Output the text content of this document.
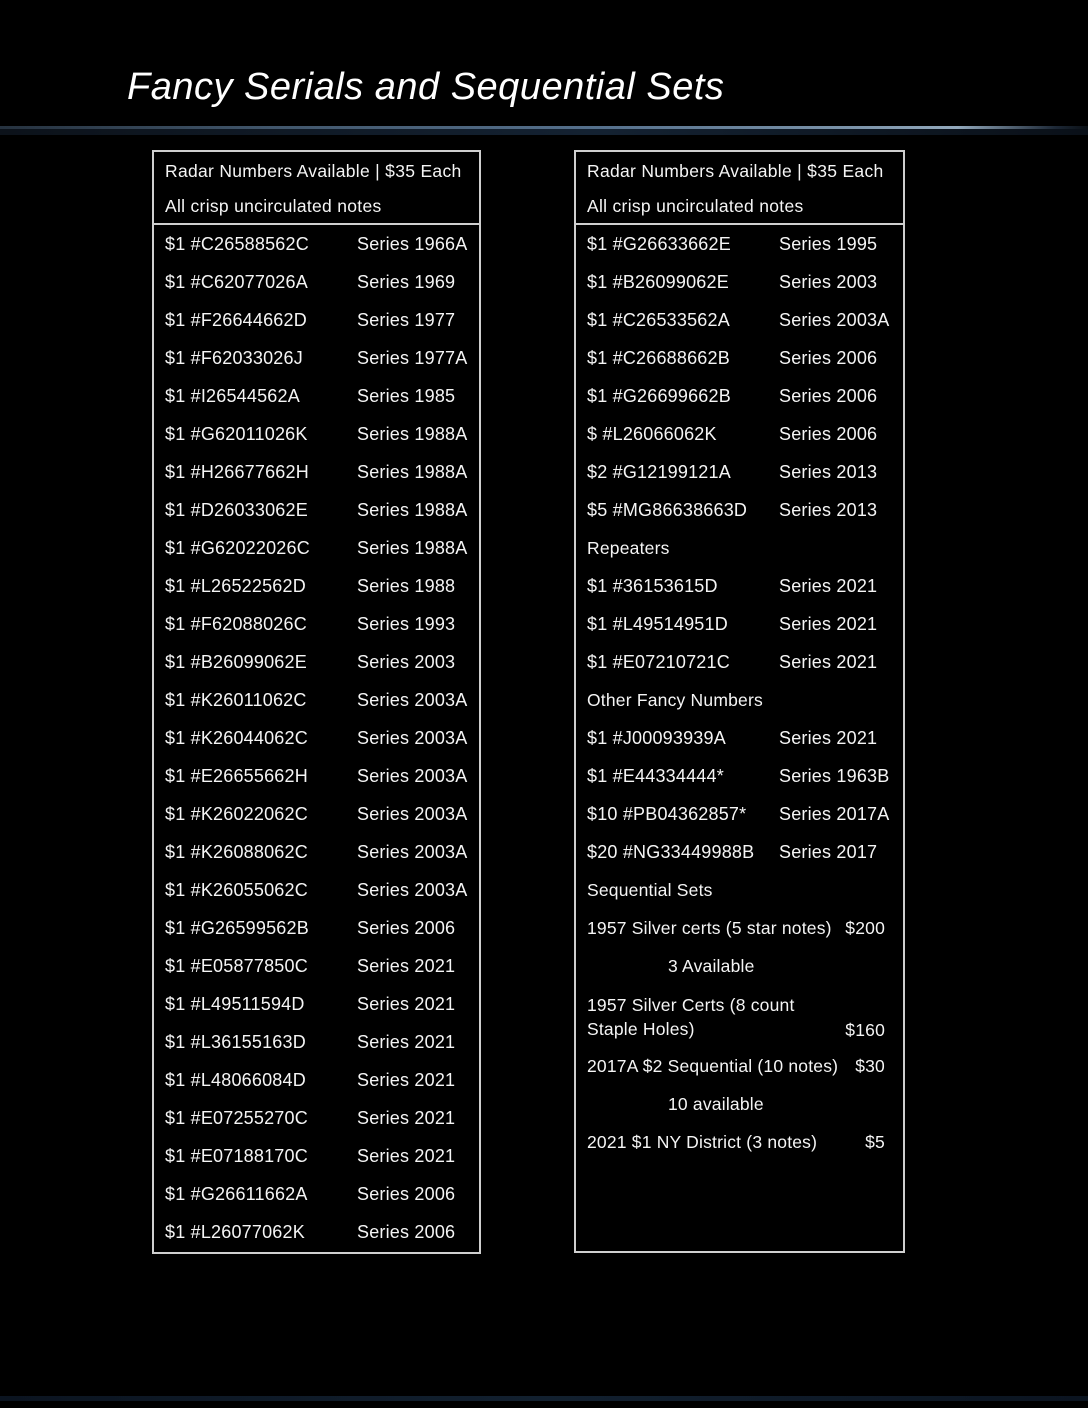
Fancy Serials and Sequential Sets
Radar Numbers Available | $35 Each
All crisp uncirculated notes
$1 #C26588562C	Series 1966A
$1 #C62077026A	Series 1969
$1 #F26644662D	Series 1977
$1 #F62033026J	Series 1977A
$1 #I26544562A	Series 1985
$1 #G62011026K	Series 1988A
$1 #H26677662H	Series 1988A
$1 #D26033062E	Series 1988A
$1 #G62022026C	Series 1988A
$1 #L26522562D	Series 1988
$1 #F62088026C	Series 1993
$1 #B26099062E	Series 2003
$1 #K26011062C	Series 2003A
$1 #K26044062C	Series 2003A
$1 #E26655662H	Series 2003A
$1 #K26022062C	Series 2003A
$1 #K26088062C	Series 2003A
$1 #K26055062C	Series 2003A
$1 #G26599562B	Series 2006
$1 #E05877850C	Series 2021
$1 #L49511594D	Series 2021
$1 #L36155163D	Series 2021
$1 #L48066084D	Series 2021
$1 #E07255270C	Series 2021
$1 #E07188170C	Series 2021
$1 #G26611662A	Series 2006
$1 #L26077062K	Series 2006
Radar Numbers Available | $35 Each
All crisp uncirculated notes
$1 #G26633662E	Series 1995
$1 #B26099062E	Series 2003
$1 #C26533562A	Series 2003A
$1 #C26688662B	Series 2006
$1 #G26699662B	Series 2006
$ #L26066062K	Series 2006
$2 #G12199121A	Series 2013
$5 #MG86638663D	Series 2013
Repeaters
$1 #36153615D	Series 2021
$1 #L49514951D	Series 2021
$1 #E07210721C	Series 2021
Other Fancy Numbers
$1 #J00093939A	Series 2021
$1 #E44334444*	Series 1963B
$10 #PB04362857*	Series 2017A
$20 #NG33449988B	Series 2017
Sequential Sets
1957 Silver certs (5 star notes) $200
3 Available
1957 Silver Certs (8 count Staple Holes)	$160
2017A $2 Sequential (10 notes) $30
10 available
2021 $1 NY District (3 notes)	$5
